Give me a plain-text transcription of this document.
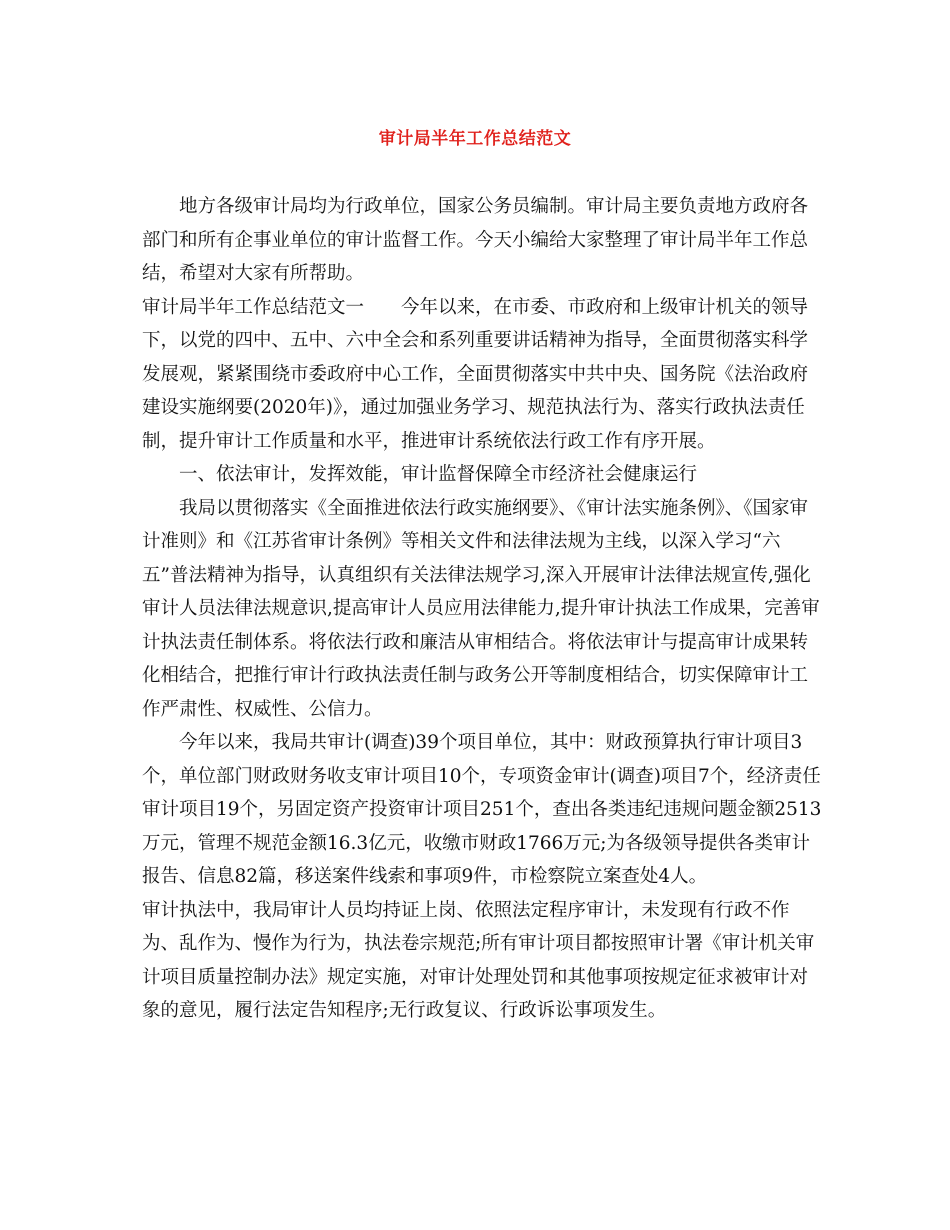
审计局半年工作总结范文

地方各级审计局均为行政单位，国家公务员编制。审计局主要负责地方政府各部门和所有企事业单位的审计监督工作。今天小编给大家整理了审计局半年工作总结，希望对大家有所帮助。

审计局半年工作总结范文一　　今年以来，在市委、市政府和上级审计机关的领导下，以党的四中、五中、六中全会和系列重要讲话精神为指导，全面贯彻落实科学发展观，紧紧围绕市委政府中心工作，全面贯彻落实中共中央、国务院《法治政府建设实施纲要(2020年)》，通过加强业务学习、规范执法行为、落实行政执法责任制，提升审计工作质量和水平，推进审计系统依法行政工作有序开展。

一、依法审计，发挥效能，审计监督保障全市经济社会健康运行

我局以贯彻落实《全面推进依法行政实施纲要》、《审计法实施条例》、《国家审计准则》和《江苏省审计条例》等相关文件和法律法规为主线，以深入学习“六五”普法精神为指导，认真组织有关法律法规学习,深入开展审计法律法规宣传,强化审计人员法律法规意识,提高审计人员应用法律能力,提升审计执法工作成果，完善审计执法责任制体系。将依法行政和廉洁从审相结合。将依法审计与提高审计成果转化相结合，把推行审计行政执法责任制与政务公开等制度相结合，切实保障审计工作严肃性、权威性、公信力。

今年以来，我局共审计(调查)39个项目单位，其中：财政预算执行审计项目3个，单位部门财政财务收支审计项目10个，专项资金审计(调查)项目7个，经济责任审计项目19个，另固定资产投资审计项目251个，查出各类违纪违规问题金额2513万元，管理不规范金额16.3亿元，收缴市财政1766万元;为各级领导提供各类审计报告、信息82篇，移送案件线索和事项9件，市检察院立案查处4人。

审计执法中，我局审计人员均持证上岗、依照法定程序审计，未发现有行政不作为、乱作为、慢作为行为，执法卷宗规范;所有审计项目都按照审计署《审计机关审计项目质量控制办法》规定实施，对审计处理处罚和其他事项按规定征求被审计对象的意见，履行法定告知程序;无行政复议、行政诉讼事项发生。
